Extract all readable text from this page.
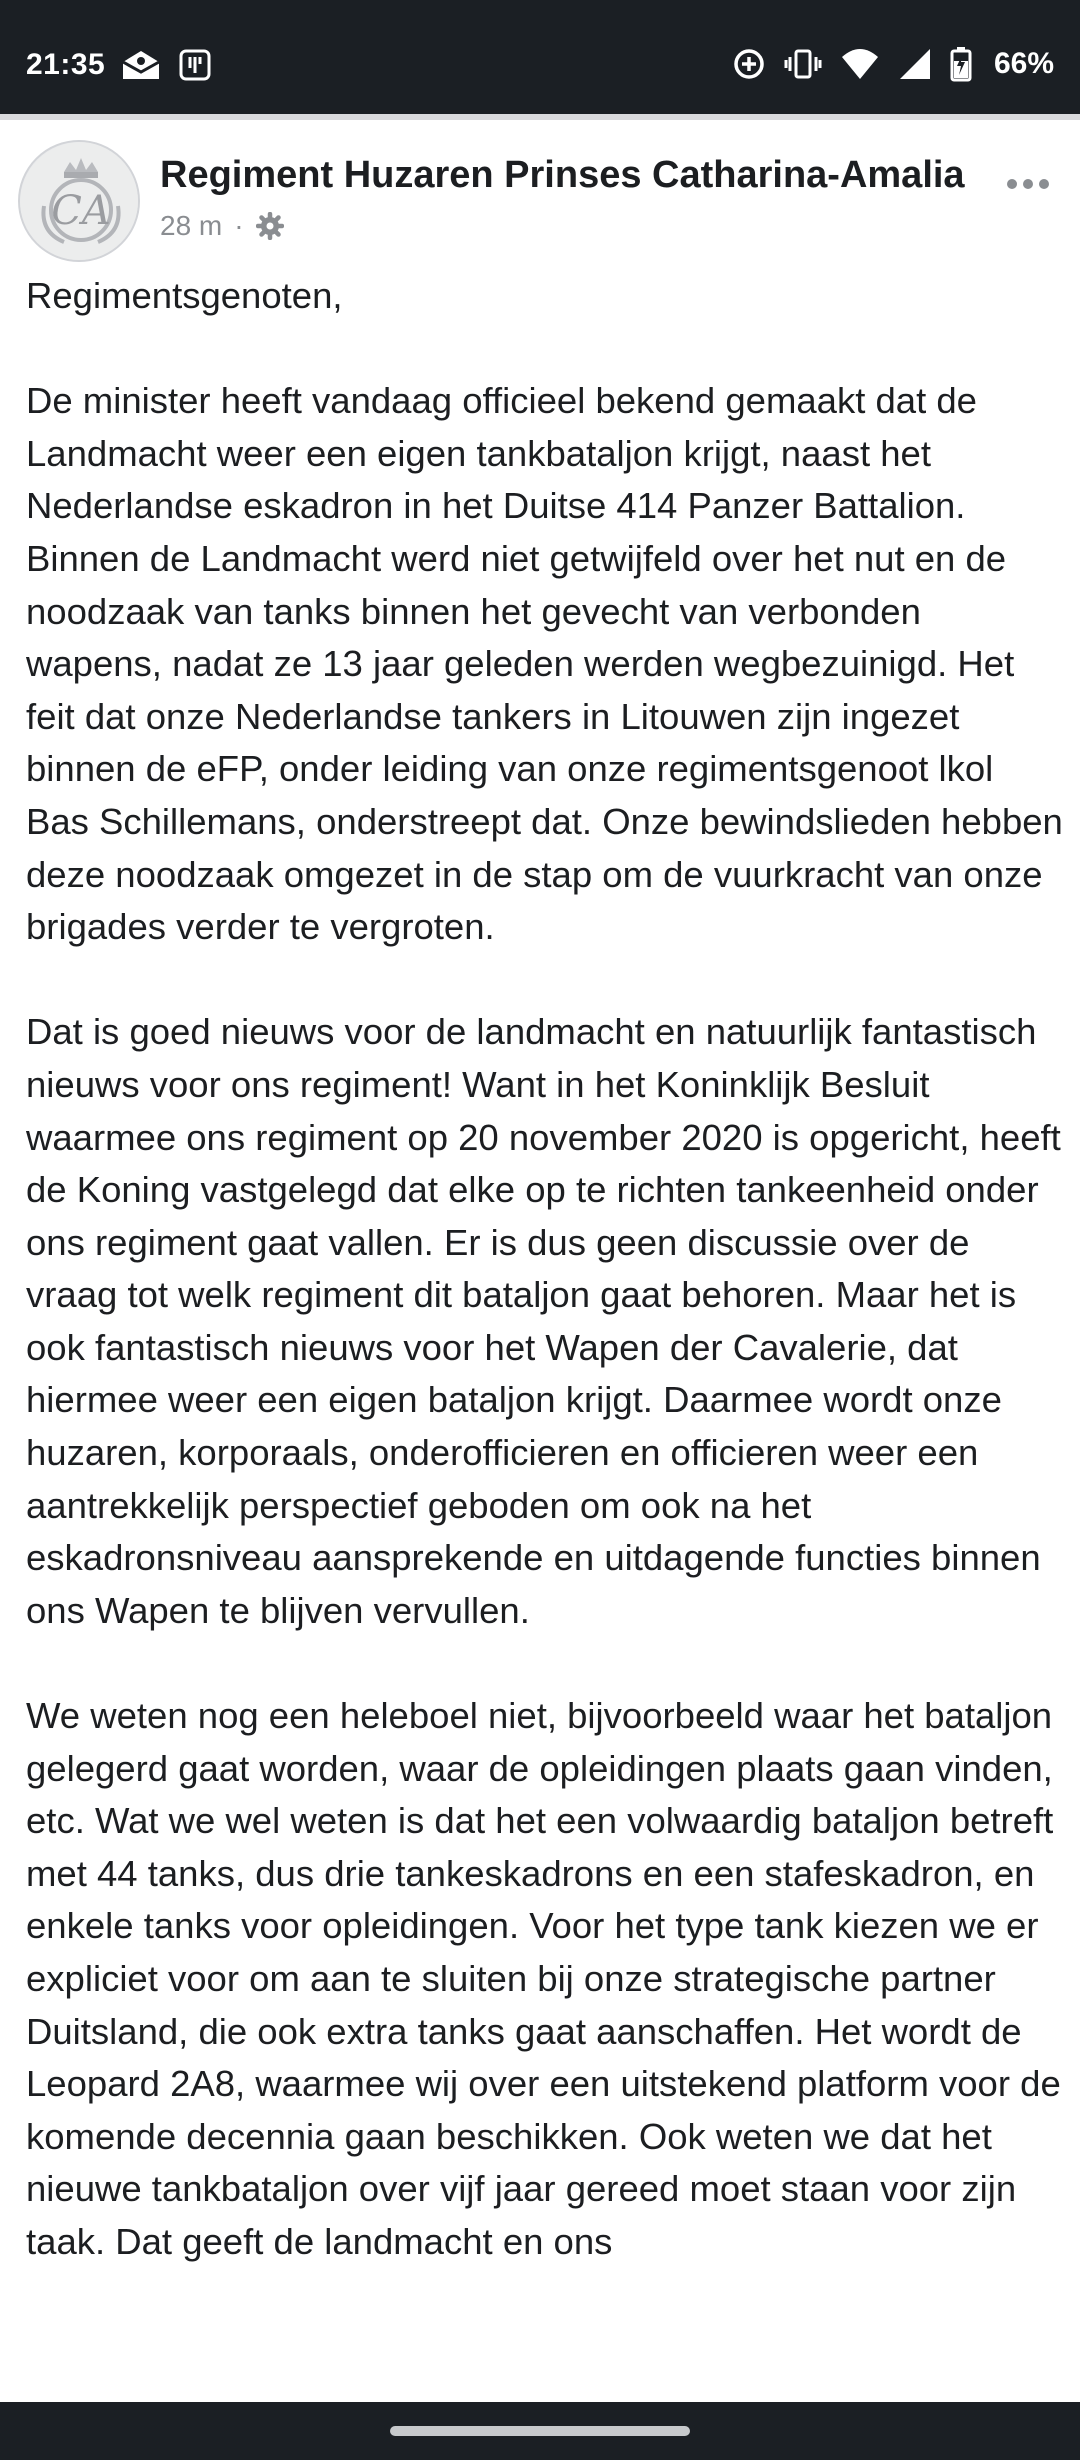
21:35	66%
CA
Regiment Huzaren Prinses Catharina-Amalia
28 m ·

Regimentsgenoten,

De minister heeft vandaag officieel bekend gemaakt dat de Landmacht weer een eigen tankbataljon krijgt, naast het Nederlandse eskadron in het Duitse 414 Panzer Battalion. Binnen de Landmacht werd niet getwijfeld over het nut en de noodzaak van tanks binnen het gevecht van verbonden wapens, nadat ze 13 jaar geleden werden wegbezuinigd. Het feit dat onze Nederlandse tankers in Litouwen zijn ingezet binnen de eFP, onder leiding van onze regimentsgenoot lkol Bas Schillemans, onderstreept dat. Onze bewindslieden hebben deze noodzaak omgezet in de stap om de vuurkracht van onze brigades verder te vergroten.

Dat is goed nieuws voor de landmacht en natuurlijk fantastisch nieuws voor ons regiment! Want in het Koninklijk Besluit waarmee ons regiment op 20 november 2020 is opgericht, heeft de Koning vastgelegd dat elke op te richten tankeenheid onder ons regiment gaat vallen. Er is dus geen discussie over de vraag tot welk regiment dit bataljon gaat behoren. Maar het is ook fantastisch nieuws voor het Wapen der Cavalerie, dat hiermee weer een eigen bataljon krijgt. Daarmee wordt onze huzaren, korporaals, onderofficieren en officieren weer een aantrekkelijk perspectief geboden om ook na het eskadronsniveau aansprekende en uitdagende functies binnen ons Wapen te blijven vervullen.

We weten nog een heleboel niet, bijvoorbeeld waar het bataljon gelegerd gaat worden, waar de opleidingen plaats gaan vinden, etc. Wat we wel weten is dat het een volwaardig bataljon betreft met 44 tanks, dus drie tankeskadrons en een stafeskadron, en enkele tanks voor opleidingen. Voor het type tank kiezen we er expliciet voor om aan te sluiten bij onze strategische partner Duitsland, die ook extra tanks gaat aanschaffen. Het wordt de Leopard 2A8, waarmee wij over een uitstekend platform voor de komende decennia gaan beschikken. Ook weten we dat het nieuwe tankbataljon over vijf jaar gereed moet staan voor zijn taak. Dat geeft de landmacht en ons
